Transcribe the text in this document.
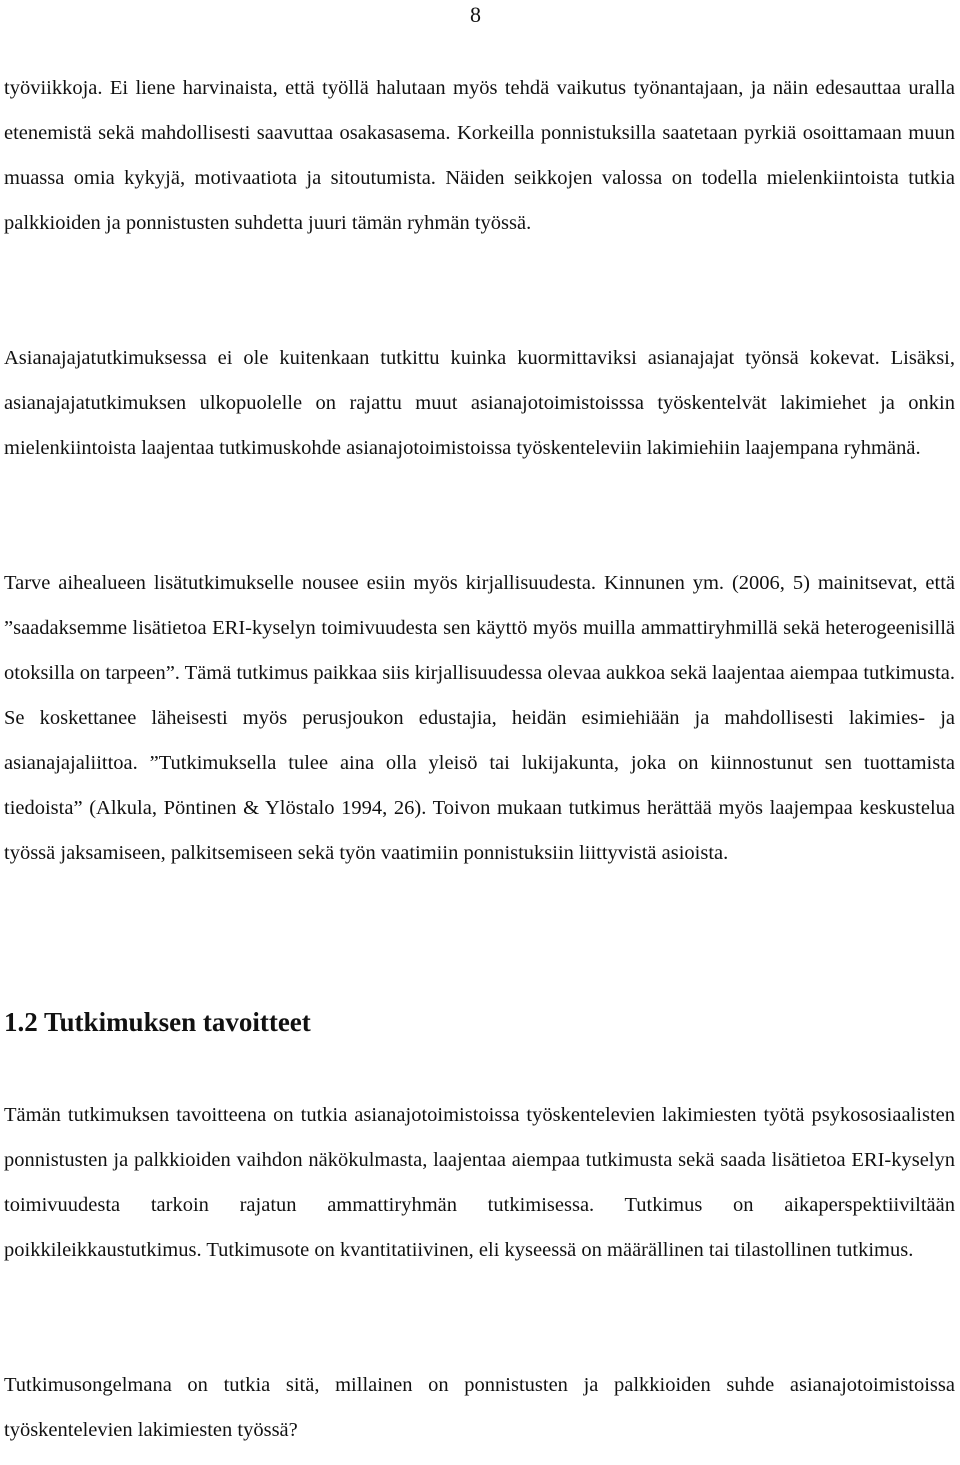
8

työviikkoja. Ei liene harvinaista, että työllä halutaan myös tehdä vaikutus työnantajaan, ja näin edesauttaa uralla etenemistä sekä mahdollisesti saavuttaa osakasasema. Korkeilla ponnistuksilla saatetaan pyrkiä osoittamaan muun muassa omia kykyjä, motivaatiota ja sitoutumista. Näiden seikkojen valossa on todella mielenkiintoista tutkia palkkioiden ja ponnistusten suhdetta juuri tämän ryhmän työssä.

Asianajajatutkimuksessa ei ole kuitenkaan tutkittu kuinka kuormittaviksi asianajajat työnsä kokevat. Lisäksi, asianajajatutkimuksen ulkopuolelle on rajattu muut asianajotoimistoisssa työskentelvät lakimiehet ja onkin mielenkiintoista laajentaa tutkimuskohde asianajotoimistoissa työskenteleviin lakimiehiin laajempana ryhmänä.

Tarve aihealueen lisätutkimukselle nousee esiin myös kirjallisuudesta. Kinnunen ym. (2006, 5) mainitsevat, että ”saadaksemme lisätietoa ERI-kyselyn toimivuudesta sen käyttö myös muilla ammattiryhmillä sekä heterogeenisillä otoksilla on tarpeen”. Tämä tutkimus paikkaa siis kirjallisuudessa olevaa aukkoa sekä laajentaa aiempaa tutkimusta. Se koskettanee läheisesti myös perusjoukon edustajia, heidän esimiehiään ja mahdollisesti lakimies- ja asianajajaliittoa. ”Tutkimuksella tulee aina olla yleisö tai lukijakunta, joka on kiinnostunut sen tuottamista tiedoista” (Alkula, Pöntinen & Ylöstalo 1994, 26). Toivon mukaan tutkimus herättää myös laajempaa keskustelua työssä jaksamiseen, palkitsemiseen sekä työn vaatimiin ponnistuksiin liittyvistä asioista.

1.2 Tutkimuksen tavoitteet

Tämän tutkimuksen tavoitteena on tutkia asianajotoimistoissa työskentelevien lakimiesten työtä psykososiaalisten ponnistusten ja palkkioiden vaihdon näkökulmasta, laajentaa aiempaa tutkimusta sekä saada lisätietoa ERI-kyselyn toimivuudesta tarkoin rajatun ammattiryhmän tutkimisessa. Tutkimus on aikaperspektiiviltään poikkileikkaustutkimus. Tutkimusote on kvantitatiivinen, eli kyseessä on määrällinen tai tilastollinen tutkimus.

Tutkimusongelmana on tutkia sitä, millainen on ponnistusten ja palkkioiden suhde asianajotoimistoissa työskentelevien lakimiesten työssä?
